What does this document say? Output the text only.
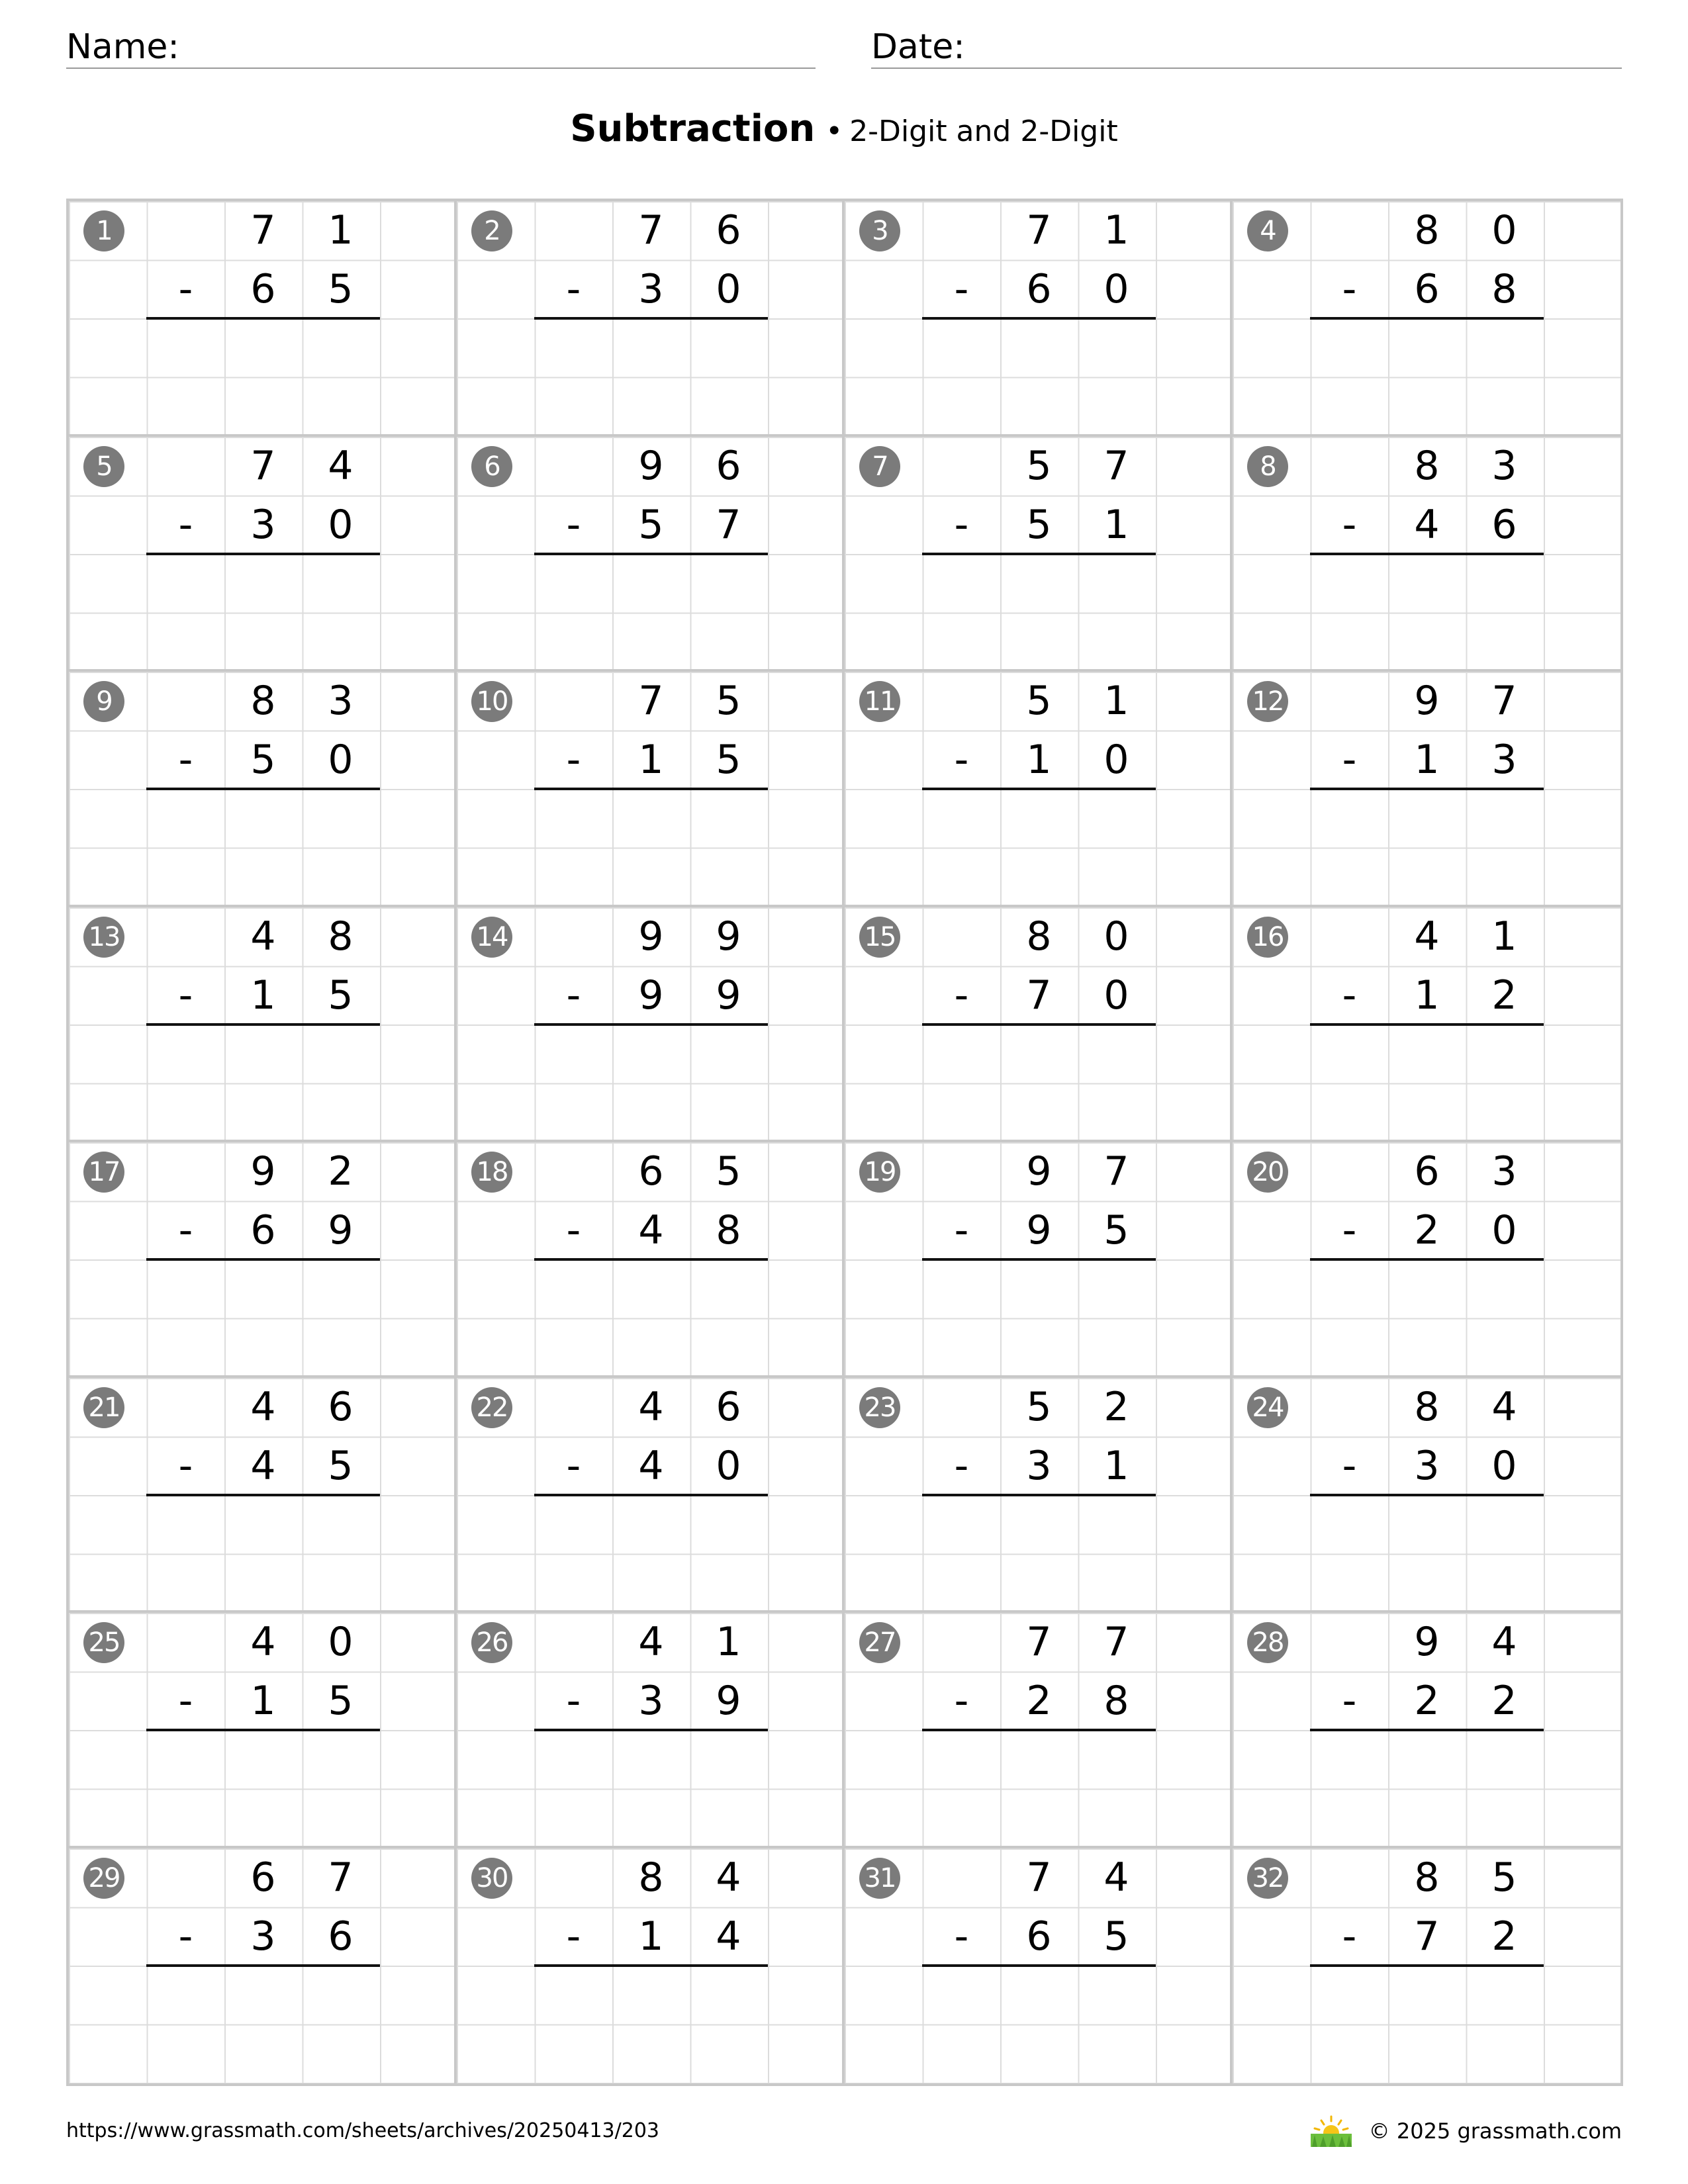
Name:	Date:
Subtraction • 2-Digit and 2-Digit
1	7	1
-	6	5
2	7	6
-	3	0
3	7	1
-	6	0
4	8	0
-	6	8
5	7	4
-	3	0
6	9	6
-	5	7
7	5	7
-	5	1
8	8	3
-	4	6
9	8	3
-	5	0
10	7	5
-	1	5
11	5	1
-	1	0
12	9	7
-	1	3
13	4	8
-	1	5
14	9	9
-	9	9
15	8	0
-	7	0
16	4	1
-	1	2
17	9	2
-	6	9
18	6	5
-	4	8
19	9	7
-	9	5
20	6	3
-	2	0
21	4	6
-	4	5
22	4	6
-	4	0
23	5	2
-	3	1
24	8	4
-	3	0
25	4	0
-	1	5
26	4	1
-	3	9
27	7	7
-	2	8
28	9	4
-	2	2
29	6	7
-	3	6
30	8	4
-	1	4
31	7	4
-	6	5
32	8	5
-	7	2
https://www.grassmath.com/sheets/archives/20250413/203	© 2025 grassmath.com
